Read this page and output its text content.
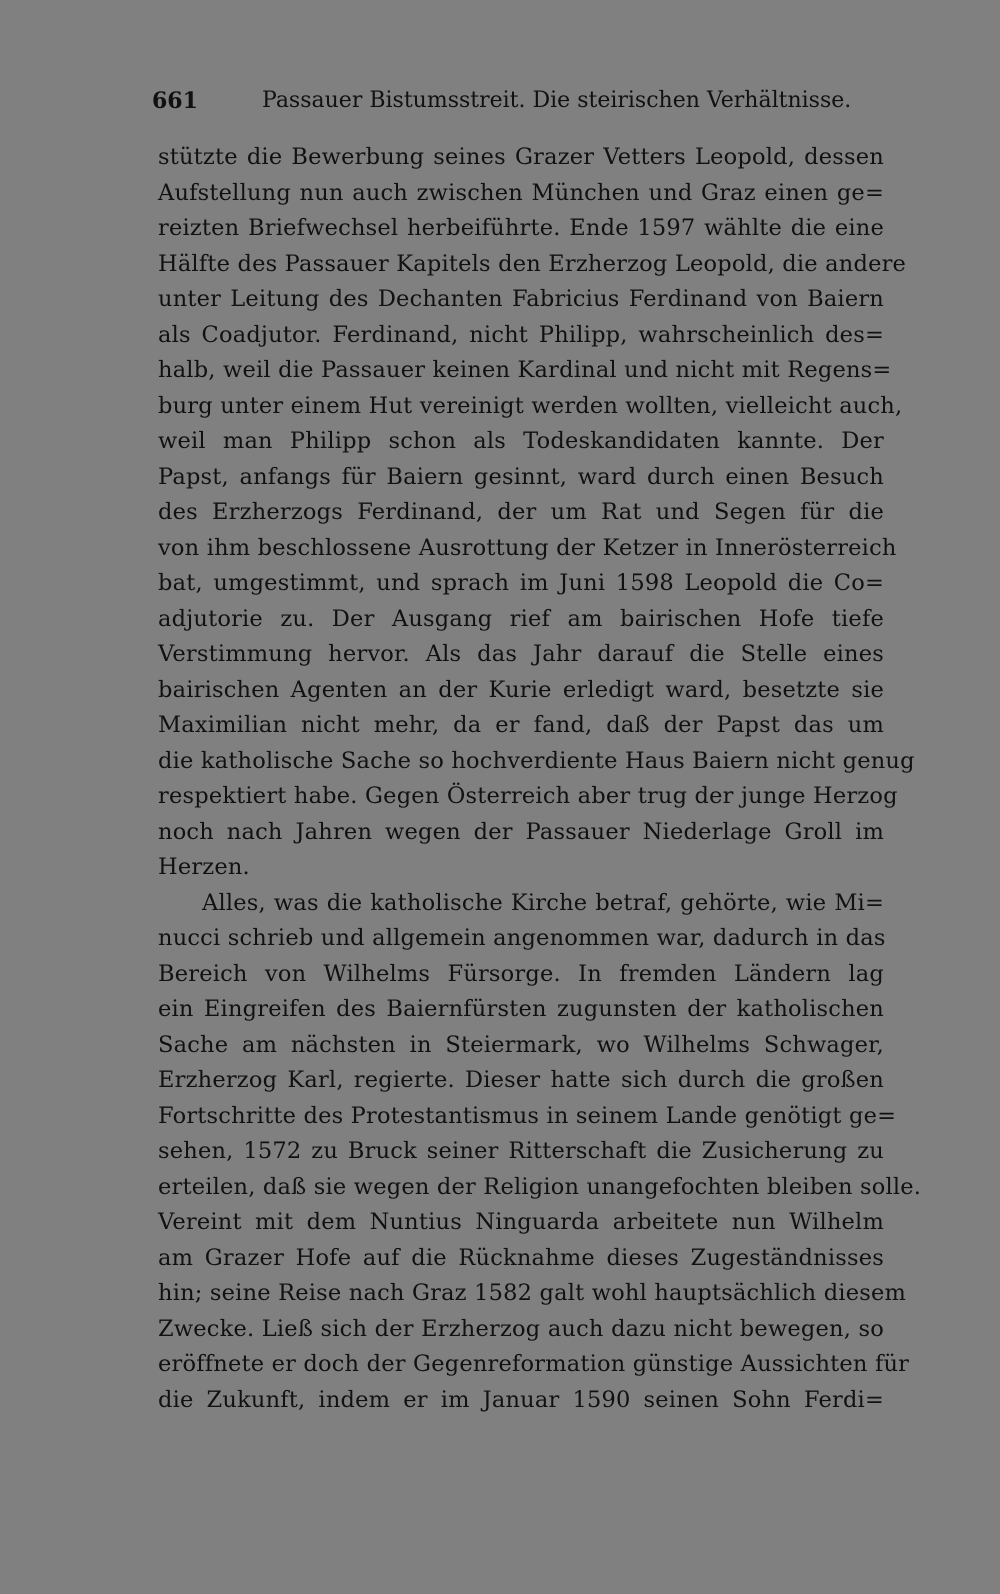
661	Passauer Bistumsstreit. Die steirischen Verhältnisse.
stützte die Bewerbung seines Grazer Vetters Leopold, dessen
Aufstellung nun auch zwischen München und Graz einen ge=
reizten Briefwechsel herbeiführte. Ende 1597 wählte die eine
Hälfte des Passauer Kapitels den Erzherzog Leopold, die andere
unter Leitung des Dechanten Fabricius Ferdinand von Baiern
als Coadjutor. Ferdinand, nicht Philipp, wahrscheinlich des=
halb, weil die Passauer keinen Kardinal und nicht mit Regens=
burg unter einem Hut vereinigt werden wollten, vielleicht auch,
weil man Philipp schon als Todeskandidaten kannte. Der
Papst, anfangs für Baiern gesinnt, ward durch einen Besuch
des Erzherzogs Ferdinand, der um Rat und Segen für die
von ihm beschlossene Ausrottung der Ketzer in Innerösterreich
bat, umgestimmt, und sprach im Juni 1598 Leopold die Co=
adjutorie zu. Der Ausgang rief am bairischen Hofe tiefe
Verstimmung hervor. Als das Jahr darauf die Stelle eines
bairischen Agenten an der Kurie erledigt ward, besetzte sie
Maximilian nicht mehr, da er fand, daß der Papst das um
die katholische Sache so hochverdiente Haus Baiern nicht genug
respektiert habe. Gegen Österreich aber trug der junge Herzog
noch nach Jahren wegen der Passauer Niederlage Groll im
Herzen.
Alles, was die katholische Kirche betraf, gehörte, wie Mi=
nucci schrieb und allgemein angenommen war, dadurch in das
Bereich von Wilhelms Fürsorge. In fremden Ländern lag
ein Eingreifen des Baiernfürsten zugunsten der katholischen
Sache am nächsten in Steiermark, wo Wilhelms Schwager,
Erzherzog Karl, regierte. Dieser hatte sich durch die großen
Fortschritte des Protestantismus in seinem Lande genötigt ge=
sehen, 1572 zu Bruck seiner Ritterschaft die Zusicherung zu
erteilen, daß sie wegen der Religion unangefochten bleiben solle.
Vereint mit dem Nuntius Ninguarda arbeitete nun Wilhelm
am Grazer Hofe auf die Rücknahme dieses Zugeständnisses
hin; seine Reise nach Graz 1582 galt wohl hauptsächlich diesem
Zwecke. Ließ sich der Erzherzog auch dazu nicht bewegen, so
eröffnete er doch der Gegenreformation günstige Aussichten für
die Zukunft, indem er im Januar 1590 seinen Sohn Ferdi=
